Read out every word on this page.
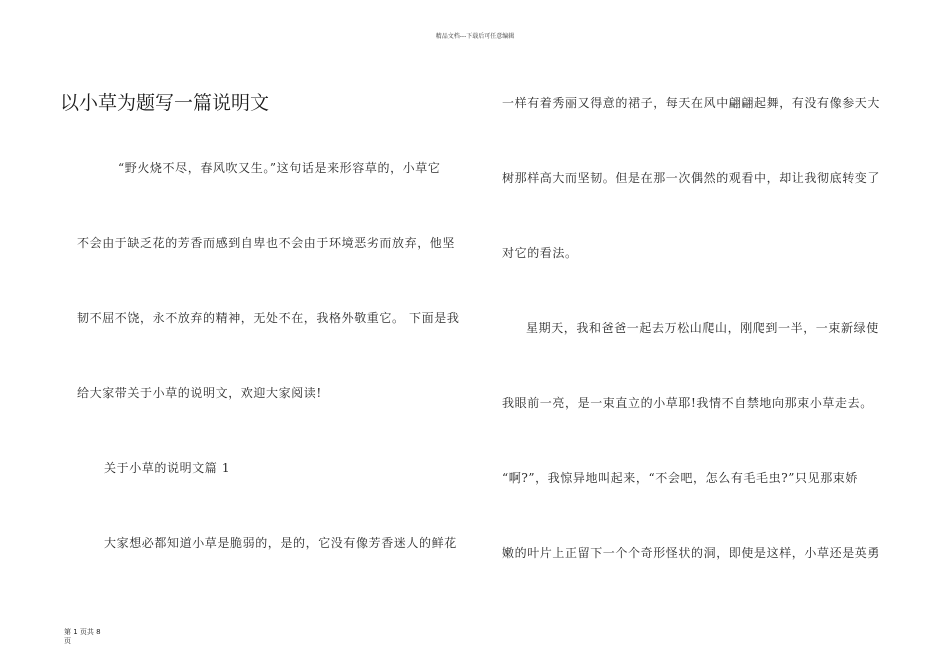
精品文档---下载后可任意编辑
以小草为题写一篇说明文
“野火烧不尽，春风吹又生。”这句话是来形容草的，小草它
不会由于缺乏花的芳香而感到自卑也不会由于环境恶劣而放弃，他坚
韧不屈不饶，永不放弃的精神，无处不在，我格外敬重它。 下面是我
给大家带关于小草的说明文，欢迎大家阅读!
关于小草的说明文篇 1
大家想必都知道小草是脆弱的，是的，它没有像芳香迷人的鲜花
一样有着秀丽又得意的裙子，每天在风中翩翩起舞，有没有像参天大
树那样高大而坚韧。但是在那一次偶然的观看中，却让我彻底转变了
对它的看法。
星期天，我和爸爸一起去万松山爬山，刚爬到一半，一束新绿使
我眼前一亮，是一束直立的小草耶!我情不自禁地向那束小草走去。
“啊?”，我惊异地叫起来，“不会吧，怎么有毛毛虫?”只见那束娇
嫩的叶片上正留下一个个奇形怪状的洞，即使是这样，小草还是英勇
第 1 页共 8
页
